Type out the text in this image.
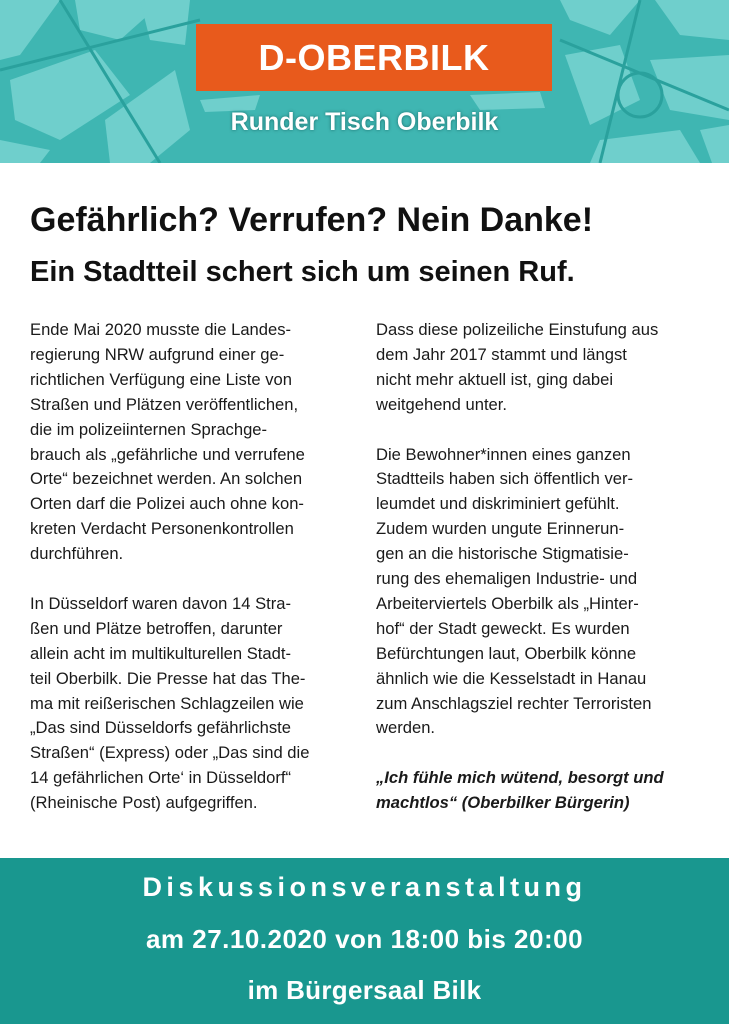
D-OBERBILK
Runder Tisch Oberbilk
Gefährlich? Verrufen? Nein Danke!
Ein Stadtteil schert sich um seinen Ruf.

Ende Mai 2020 musste die Landes-
regierung NRW aufgrund einer ge-
richtlichen Verfügung eine Liste von
Straßen und Plätzen veröffentlichen,
die im polizeiinternen Sprachge-
brauch als „gefährliche und verrufene
Orte“ bezeichnet werden. An solchen
Orten darf die Polizei auch ohne kon-
kreten Verdacht Personenkontrollen
durchführen.

In Düsseldorf waren davon 14 Stra-
ßen und Plätze betroffen, darunter
allein acht im multikulturellen Stadt-
teil Oberbilk. Die Presse hat das The-
ma mit reißerischen Schlagzeilen wie
„Das sind Düsseldorfs gefährlichste
Straßen“ (Express) oder „Das sind die
14 gefährlichen Orte‘ in Düsseldorf“
(Rheinische Post) aufgegriffen.

Dass diese polizeiliche Einstufung aus
dem Jahr 2017 stammt und längst
nicht mehr aktuell ist, ging dabei
weitgehend unter.

Die Bewohner*innen eines ganzen
Stadtteils haben sich öffentlich ver-
leumdet und diskriminiert gefühlt.
Zudem wurden ungute Erinnerun-
gen an die historische Stigmatisie-
rung des ehemaligen Industrie- und
Arbeiterviertels Oberbilk als „Hinter-
hof“ der Stadt geweckt. Es wurden
Befürchtungen laut, Oberbilk könne
ähnlich wie die Kesselstadt in Hanau
zum Anschlagsziel rechter Terroristen
werden.

„Ich fühle mich wütend, besorgt und
machtlos“ (Oberbilker Bürgerin)

Diskussionsveranstaltung
am 27.10.2020 von 18:00 bis 20:00
im Bürgersaal Bilk
